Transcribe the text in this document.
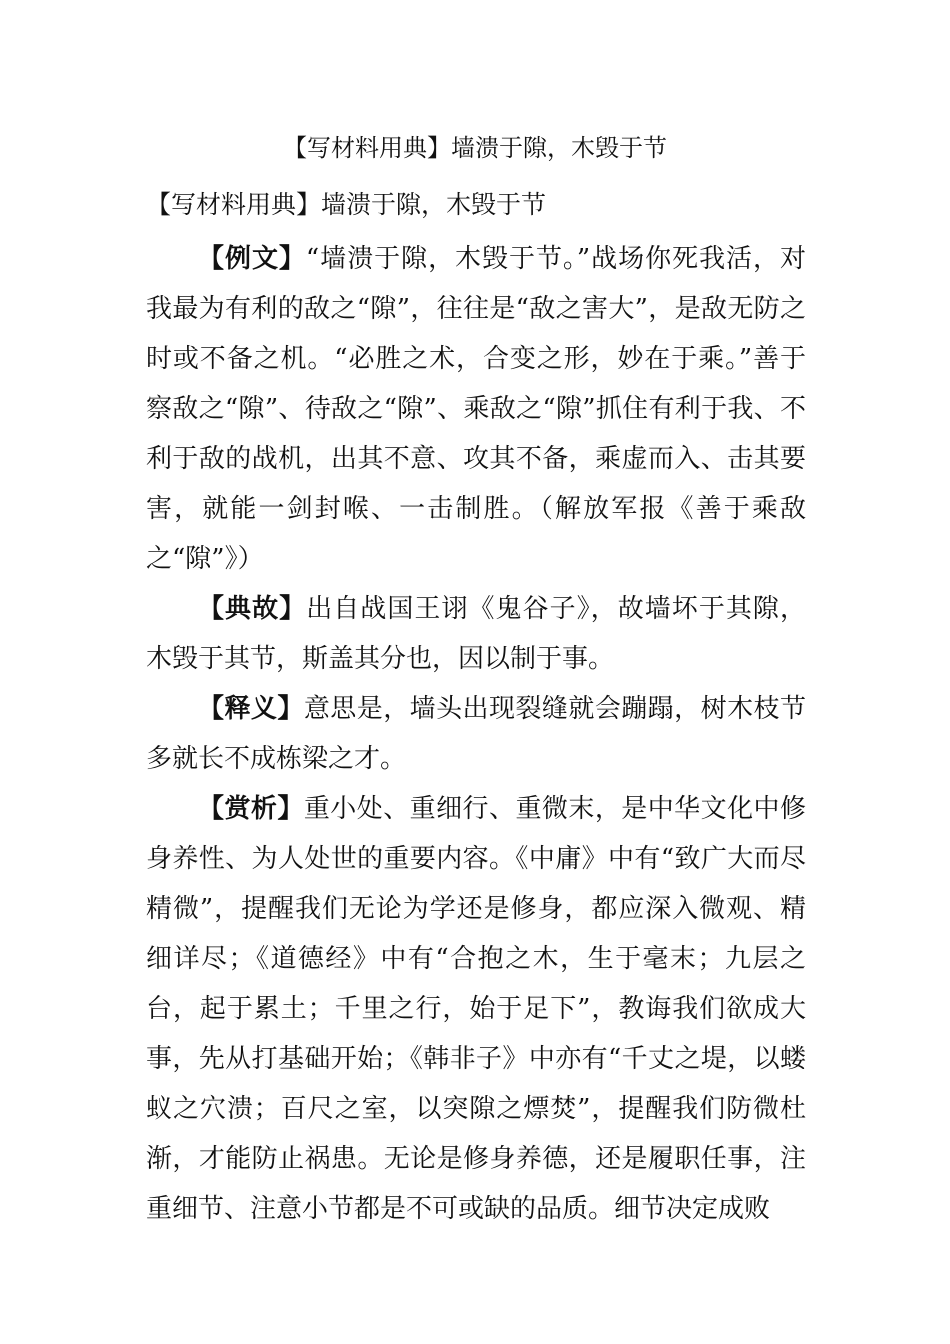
【写材料用典】墙溃于隙，木毁于节

【写材料用典】墙溃于隙，木毁于节

【例文】“墙溃于隙，木毁于节。”战场你死我活，对我最为有利的敌之“隙”，往往是“敌之害大”，是敌无防之时或不备之机。“必胜之术，合变之形，妙在于乘。”善于察敌之“隙”、待敌之“隙”、乘敌之“隙”抓住有利于我、不利于敌的战机，出其不意、攻其不备，乘虚而入、击其要害，就能一剑封喉、一击制胜。（解放军报《善于乘敌之“隙”》）

【典故】出自战国王诩《鬼谷子》，故墙坏于其隙，木毁于其节，斯盖其分也，因以制于事。

【释义】意思是，墙头出现裂缝就会蹦蹋，树木枝节多就长不成栋梁之才。

【赏析】重小处、重细行、重微末，是中华文化中修身养性、为人处世的重要内容。《中庸》中有“致广大而尽精微”，提醒我们无论为学还是修身，都应深入微观、精细详尽；《道德经》中有“合抱之木，生于毫末；九层之台，起于累土；千里之行，始于足下”，教诲我们欲成大事，先从打基础开始；《韩非子》中亦有“千丈之堤，以蝼蚁之穴溃；百尺之室，以突隙之熛焚”，提醒我们防微杜渐，才能防止祸患。无论是修身养德，还是履职任事，注重细节、注意小节都是不可或缺的品质。细节决定成败
